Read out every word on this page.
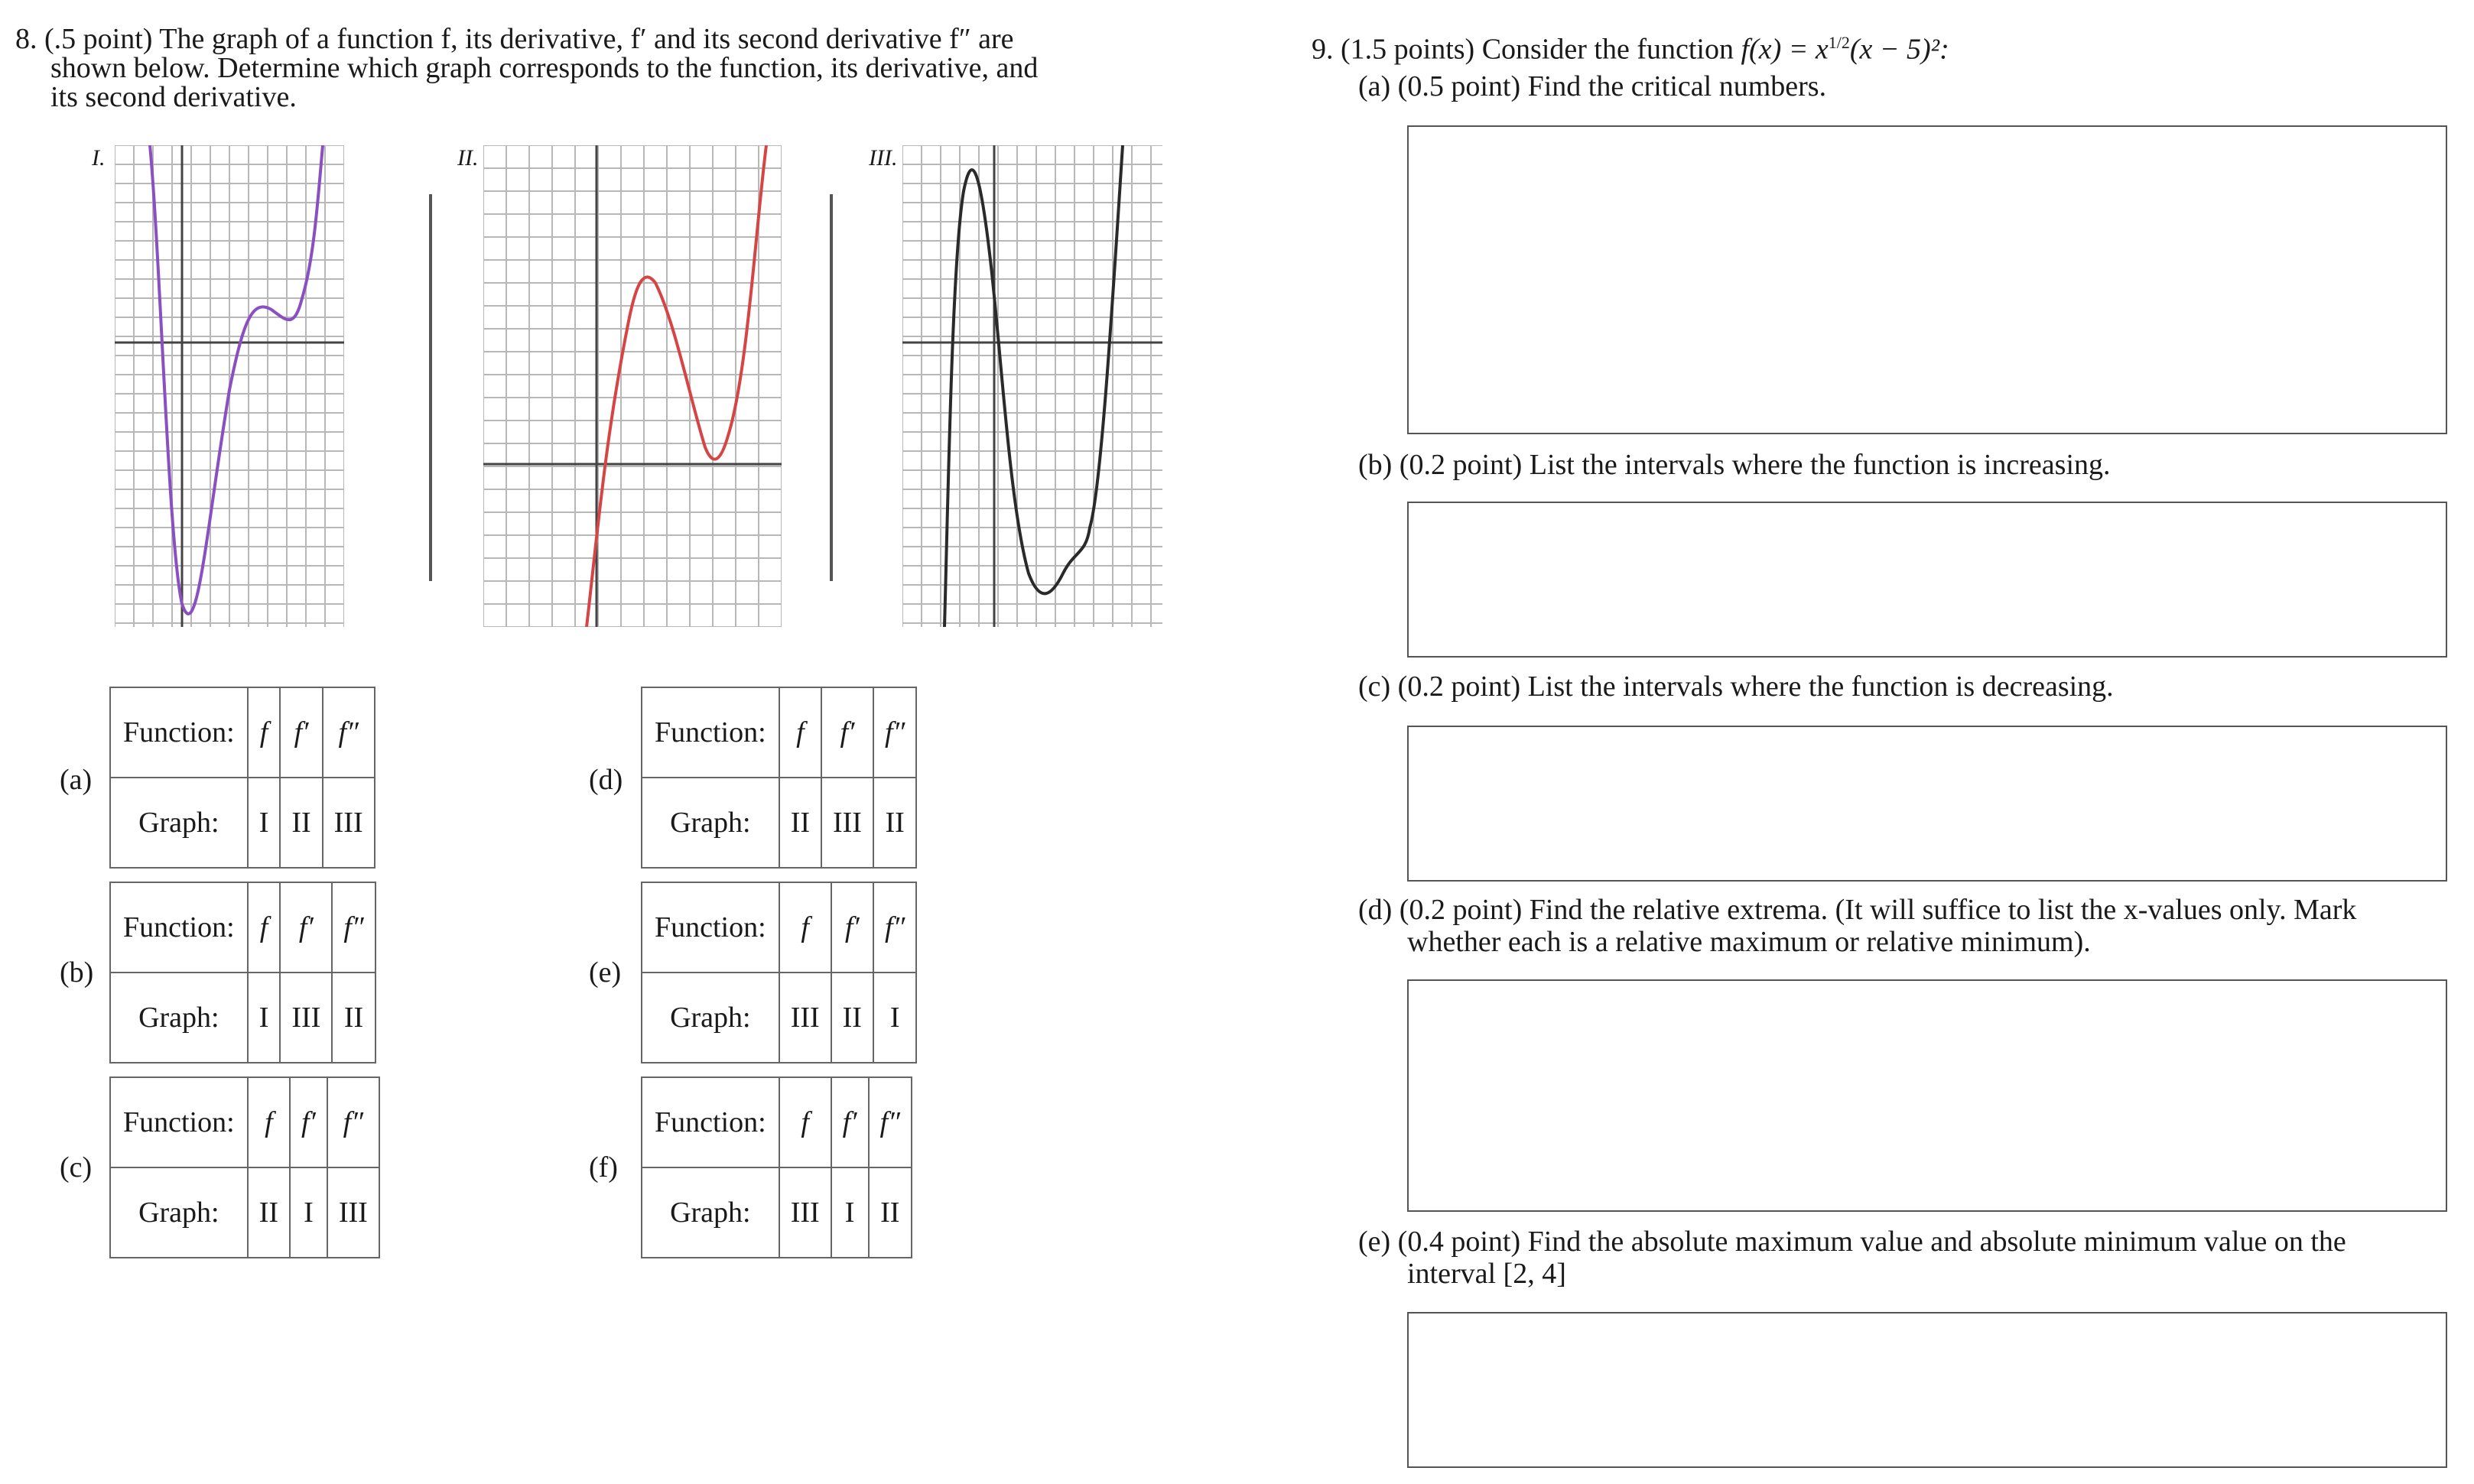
8. (.5 point) The graph of a function f, its derivative, f′ and its second derivative f″ are
shown below. Determine which graph corresponds to the function, its derivative, and
its second derivative.
I.	II.	III.
(a)
Function:	f	f′	f″
Graph:	I	II	III
(b)
Function:	f	f′	f″
Graph:	I	III	II
(c)
Function:	f	f′	f″
Graph:	II	I	III
(d)
Function:	f	f′	f″
Graph:	II	III	II
(e)
Function:	f	f′	f″
Graph:	III	II	I
(f)
Function:	f	f′	f″
Graph:	III	I	II
9. (1.5 points) Consider the function $f(x) = x^{1/2}(x - 5)^2$:
(a) (0.5 point) Find the critical numbers.
(b) (0.2 point) List the intervals where the function is increasing.
(c) (0.2 point) List the intervals where the function is decreasing.
(d) (0.2 point) Find the relative extrema. (It will suffice to list the x-values only. Mark
whether each is a relative maximum or relative minimum).
(e) (0.4 point) Find the absolute maximum value and absolute minimum value on the
interval [2, 4]
